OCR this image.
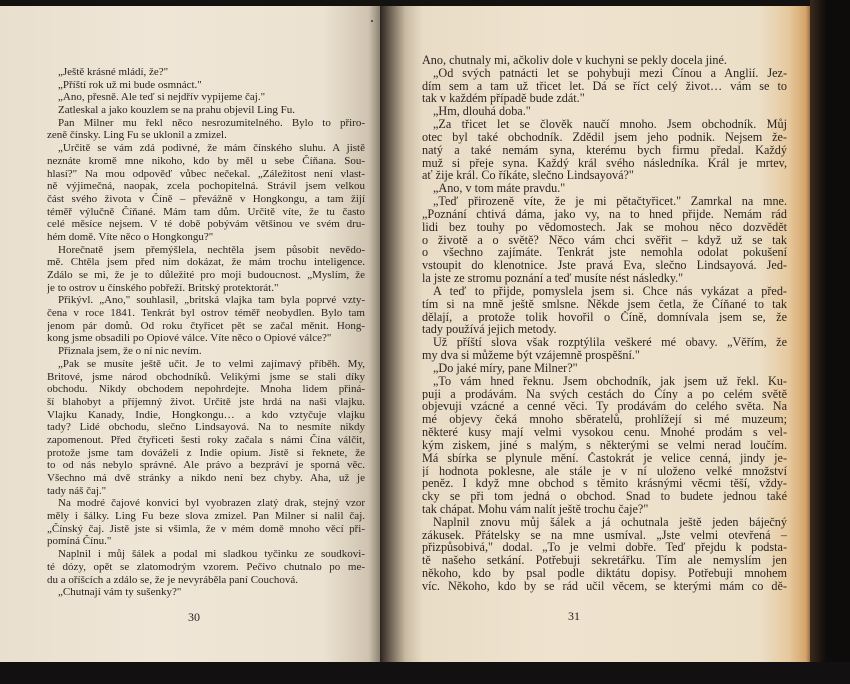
„Ještě krásné mládí, že?"
„Příští rok už mi bude osmnáct."
„Ano, přesně. Ale teď si nejdřív vypijeme čaj."
Zatleskal a jako kouzlem se na prahu objevil Ling Fu.
Pan Milner mu řekl něco nesrozumitelného. Bylo to přiro-
zeně čínsky. Ling Fu se uklonil a zmizel.
„Určitě se vám zdá podivné, že mám čínského sluhu. A jistě
neznáte kromě mne nikoho, kdo by měl u sebe Číňana. Sou-
hlasí?" Na mou odpověď vůbec nečekal. „Záležitost není vlast-
ně výjimečná, naopak, zcela pochopitelná. Strávil jsem velkou
část svého života v Číně – převážně v Hongkongu, a tam žijí
téměř výlučně Číňané. Mám tam dům. Určitě víte, že tu často
celé měsíce nejsem. V té době pobývám většinou ve svém dru-
hém domě. Víte něco o Hongkongu?"
Horečnatě jsem přemýšlela, nechtěla jsem působit nevědo-
mě. Chtěla jsem před ním dokázat, že mám trochu inteligence.
Zdálo se mi, že je to důležité pro moji budoucnost. „Myslím, že
je to ostrov u čínského pobřeží. Britský protektorát."
Přikývl. „Ano," souhlasil, „britská vlajka tam byla poprvé vzty-
čena v roce 1841. Tenkrát byl ostrov téměř neobydlen. Bylo tam
jenom pár domů. Od roku čtyřicet pět se začal měnit. Hong-
kong jsme obsadili po Opiové válce. Víte něco o Opiové válce?"
Přiznala jsem, že o ní nic nevím.
„Pak se musíte ještě učit. Je to velmi zajímavý příběh. My,
Britové, jsme národ obchodníků. Velikými jsme se stali díky
obchodu. Nikdy obchodem nepohrdejte. Mnoha lidem přiná-
ší blahobyt a příjemný život. Určitě jste hrdá na naši vlajku.
Vlajku Kanady, Indie, Hongkongu… a kdo vztyčuje vlajku
tady? Lidé obchodu, slečno Lindsayová. Na to nesmíte nikdy
zapomenout. Před čtyřiceti šesti roky začala s námi Čína válčit,
protože jsme tam dováželi z Indie opium. Jistě si řeknete, že
to od nás nebylo správné. Ale právo a bezpráví je sporná věc.
Všechno má dvě stránky a nikdo není bez chyby. Aha, už je
tady náš čaj."
Na modré čajové konvici byl vyobrazen zlatý drak, stejný vzor
měly i šálky. Ling Fu beze slova zmizel. Pan Milner si nalil čaj.
„Čínský čaj. Jistě jste si všimla, že v mém domě mnoho věcí při-
pomíná Čínu."
Naplnil i můj šálek a podal mi sladkou tyčinku ze soudkovi-
té dózy, opět se zlatomodrým vzorem. Pečivo chutnalo po me-
du a oříšcích a zdálo se, že je nevyráběla paní Couchová.
„Chutnají vám ty sušenky?"
Ano, chutnaly mi, ačkoliv dole v kuchyni se pekly docela jiné.
„Od svých patnácti let se pohybuji mezi Čínou a Anglií. Jez-
dím sem a tam už třicet let. Dá se říct celý život… vám se to
tak v každém případě bude zdát."
„Hm, dlouhá doba."
„Za třicet let se člověk naučí mnoho. Jsem obchodník. Můj
otec byl také obchodník. Zdědil jsem jeho podnik. Nejsem že-
natý a také nemám syna, kterému bych firmu předal. Každý
muž si přeje syna. Každý král svého následníka. Král je mrtev,
ať žije král. Co říkáte, slečno Lindsayová?"
„Ano, v tom máte pravdu."
„Teď přirozeně víte, že je mi pětačtyřicet." Zamrkal na mne.
„Poznání chtivá dáma, jako vy, na to hned přijde. Nemám rád
lidi bez touhy po vědomostech. Jak se mohou něco dozvědět
o životě a o světě? Něco vám chci svěřit – když už se tak
o všechno zajímáte. Tenkrát jste nemohla odolat pokušení
vstoupit do klenotnice. Jste pravá Eva, slečno Lindsayová. Jed-
la jste ze stromu poznání a teď musíte nést následky."
A teď to přijde, pomyslela jsem si. Chce nás vykázat a před-
tím si na mně ještě smlsne. Někde jsem četla, že Číňané to tak
dělají, a protože tolik hovořil o Číně, domnívala jsem se, že
tady používá jejich metody.
Už příští slova však rozptýlila veškeré mé obavy. „Věřím, že
my dva si můžeme být vzájemně prospěšní."
„Do jaké míry, pane Milner?"
„To vám hned řeknu. Jsem obchodník, jak jsem už řekl. Ku-
puji a prodávám. Na svých cestách do Číny a po celém světě
objevuji vzácné a cenné věci. Ty prodávám do celého světa. Na
mé objevy čeká mnoho sběratelů, prohlížejí si mé muzeum;
některé kusy mají velmi vysokou cenu. Mnohé prodám s vel-
kým ziskem, jiné s malým, s některými se velmi nerad loučím.
Má sbírka se plynule mění. Častokrát je velice cenná, jindy je-
jí hodnota poklesne, ale stále je v ní uloženo velké množství
peněz. I když mne obchod s těmito krásnými věcmi těší, vždy-
cky se při tom jedná o obchod. Snad to budete jednou také
tak chápat. Mohu vám nalít ještě trochu čaje?"
Naplnil znovu můj šálek a já ochutnala ještě jeden báječný
zákusek. Přátelsky se na mne usmíval. „Jste velmi otevřená –
přizpůsobivá," dodal. „To je velmi dobře. Teď přejdu k podsta-
tě našeho setkání. Potřebuji sekretářku. Tím ale nemyslím jen
někoho, kdo by psal podle diktátu dopisy. Potřebuji mnohem
víc. Někoho, kdo by se rád učil věcem, se kterými mám co dě-
30	31
